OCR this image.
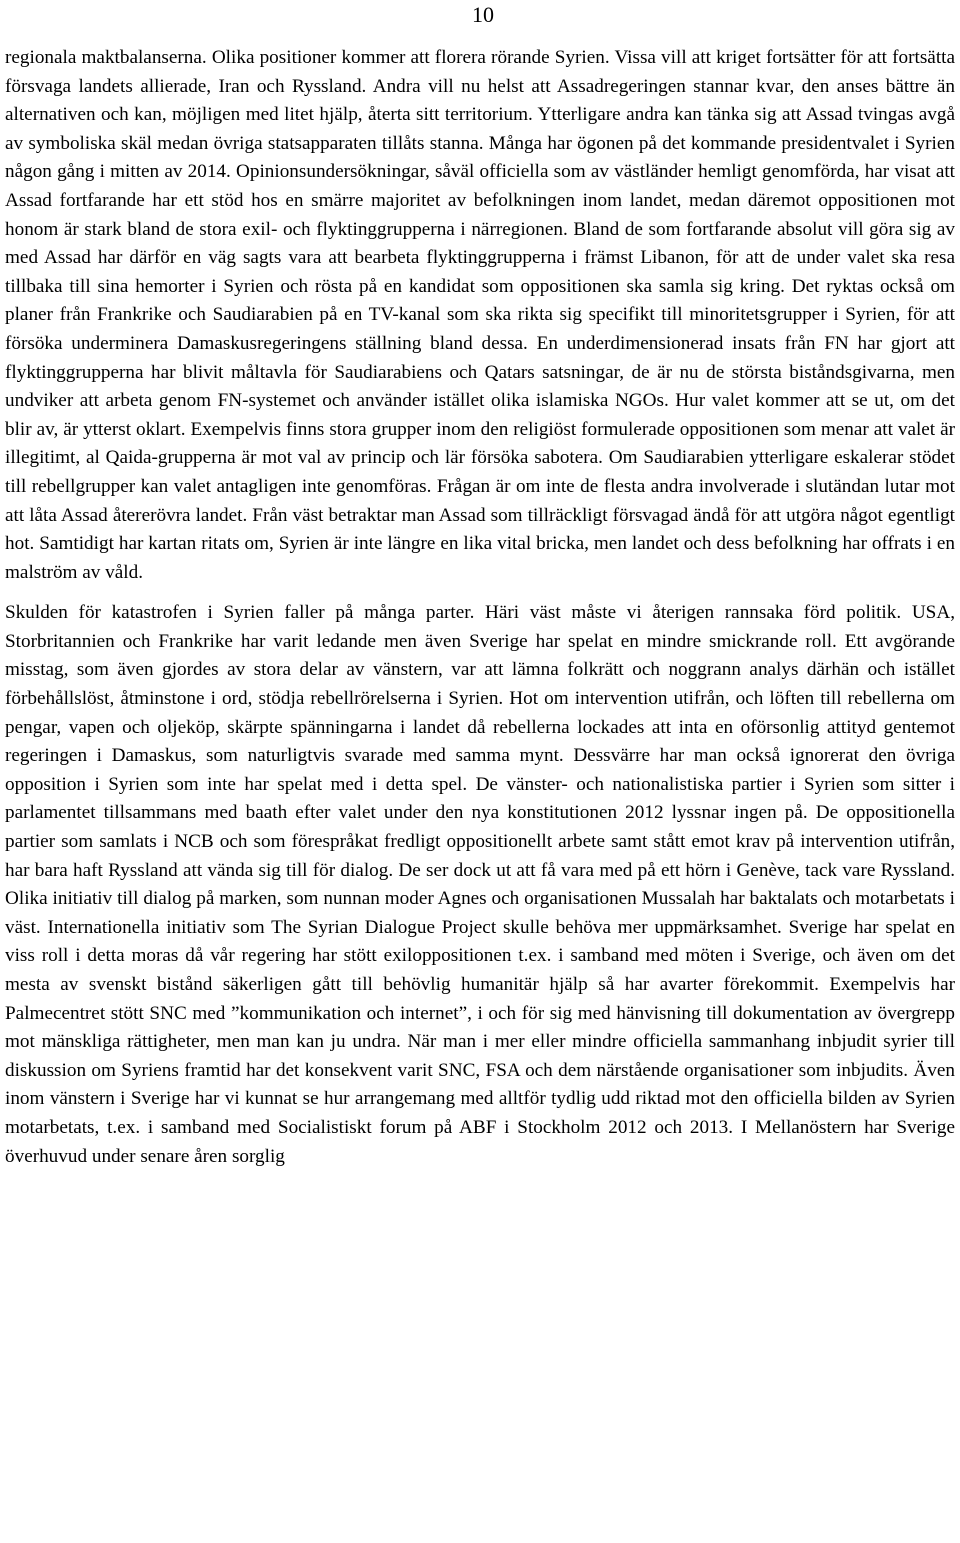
10

regionala maktbalanserna. Olika positioner kommer att florera rörande Syrien. Vissa vill att kriget fortsätter för att fortsätta försvaga landets allierade, Iran och Ryssland. Andra vill nu helst att Assadregeringen stannar kvar, den anses bättre än alternativen och kan, möjligen med litet hjälp, återta sitt territorium. Ytterligare andra kan tänka sig att Assad tvingas avgå av symboliska skäl medan övriga statsapparaten tillåts stanna. Många har ögonen på det kommande presidentvalet i Syrien någon gång i mitten av 2014. Opinionsundersökningar, såväl officiella som av västländer hemligt genomförda, har visat att Assad fortfarande har ett stöd hos en smärre majoritet av befolkningen inom landet, medan däremot oppositionen mot honom är stark bland de stora exil- och flyktinggrupperna i närregionen. Bland de som fortfarande absolut vill göra sig av med Assad har därför en väg sagts vara att bearbeta flyktinggrupperna i främst Libanon, för att de under valet ska resa tillbaka till sina hemorter i Syrien och rösta på en kandidat som oppositionen ska samla sig kring. Det ryktas också om planer från Frankrike och Saudiarabien på en TV-kanal som ska rikta sig specifikt till minoritetsgrupper i Syrien, för att försöka underminera Damaskusregeringens ställning bland dessa. En underdimensionerad insats från FN har gjort att flyktinggrupperna har blivit måltavla för Saudiarabiens och Qatars satsningar, de är nu de största biståndsgivarna, men undviker att arbeta genom FN-systemet och använder istället olika islamiska NGOs. Hur valet kommer att se ut, om det blir av, är ytterst oklart. Exempelvis finns stora grupper inom den religiöst formulerade oppositionen som menar att valet är illegitimt, al Qaida-grupperna är mot val av princip och lär försöka sabotera. Om Saudiarabien ytterligare eskalerar stödet till rebellgrupper kan valet antagligen inte genomföras. Frågan är om inte de flesta andra involverade i slutändan lutar mot att låta Assad återerövra landet. Från väst betraktar man Assad som tillräckligt försvagad ändå för att utgöra något egentligt hot. Samtidigt har kartan ritats om, Syrien är inte längre en lika vital bricka, men landet och dess befolkning har offrats i en malström av våld.

Skulden för katastrofen i Syrien faller på många parter. Häri väst måste vi återigen rannsaka förd politik. USA, Storbritannien och Frankrike har varit ledande men även Sverige har spelat en mindre smickrande roll. Ett avgörande misstag, som även gjordes av stora delar av vänstern, var att lämna folkrätt och noggrann analys därhän och istället förbehållslöst, åtminstone i ord, stödja rebellrörelserna i Syrien. Hot om intervention utifrån, och löften till rebellerna om pengar, vapen och oljeköp, skärpte spänningarna i landet då rebellerna lockades att inta en oförsonlig attityd gentemot regeringen i Damaskus, som naturligtvis svarade med samma mynt. Dessvärre har man också ignorerat den övriga opposition i Syrien som inte har spelat med i detta spel. De vänster- och nationalistiska partier i Syrien som sitter i parlamentet tillsammans med baath efter valet under den nya konstitutionen 2012 lyssnar ingen på. De oppositionella partier som samlats i NCB och som förespråkat fredligt oppositionellt arbete samt stått emot krav på intervention utifrån, har bara haft Ryssland att vända sig till för dialog. De ser dock ut att få vara med på ett hörn i Genève, tack vare Ryssland. Olika initiativ till dialog på marken, som nunnan moder Agnes och organisationen Mussalah har baktalats och motarbetats i väst. Internationella initiativ som The Syrian Dialogue Project skulle behöva mer uppmärksamhet. Sverige har spelat en viss roll i detta moras då vår regering har stött exiloppositionen t.ex. i samband med möten i Sverige, och även om det mesta av svenskt bistånd säkerligen gått till behövlig humanitär hjälp så har avarter förekommit. Exempelvis har Palmecentret stött SNC med ”kommunikation och internet”, i och för sig med hänvisning till dokumentation av övergrepp mot mänskliga rättigheter, men man kan ju undra. När man i mer eller mindre officiella sammanhang inbjudit syrier till diskussion om Syriens framtid har det konsekvent varit SNC, FSA och dem närstående organisationer som inbjudits. Även inom vänstern i Sverige har vi kunnat se hur arrangemang med alltför tydlig udd riktad mot den officiella bilden av Syrien motarbetats, t.ex. i samband med Socialistiskt forum på ABF i Stockholm 2012 och 2013. I Mellanöstern har Sverige överhuvud under senare åren sorglig
